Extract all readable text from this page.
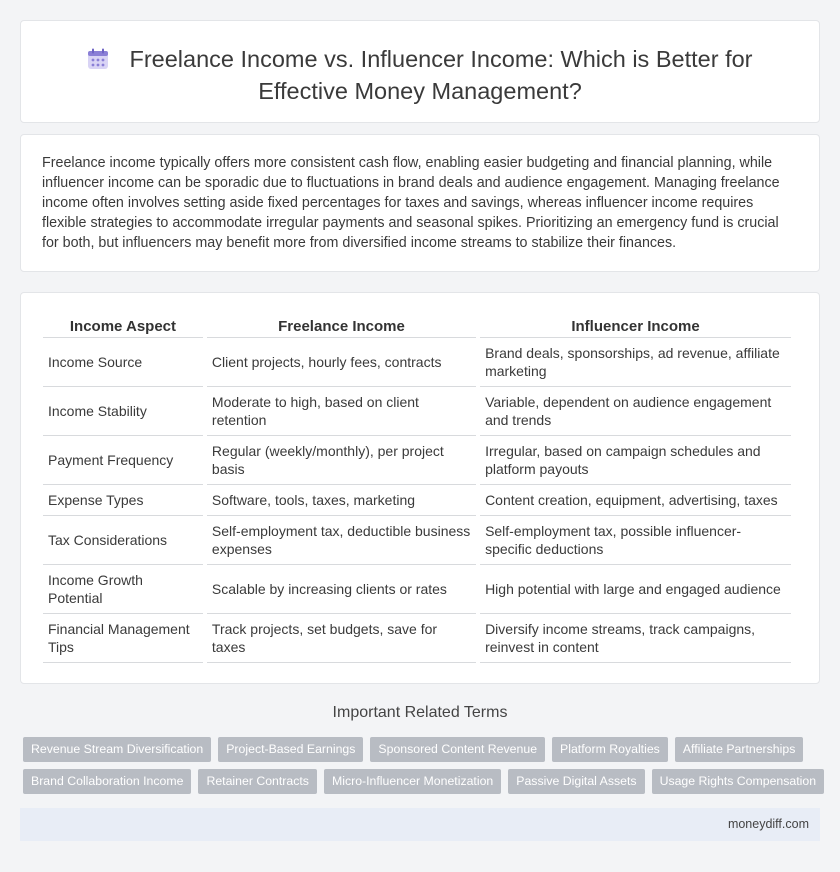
Freelance Income vs. Influencer Income: Which is Better for
Effective Money Management?

Freelance income typically offers more consistent cash flow, enabling easier budgeting and financial planning, while influencer income can be sporadic due to fluctuations in brand deals and audience engagement. Managing freelance income often involves setting aside fixed percentages for taxes and savings, whereas influencer income requires flexible strategies to accommodate irregular payments and seasonal spikes. Prioritizing an emergency fund is crucial for both, but influencers may benefit more from diversified income streams to stabilize their finances.

Income Aspect	Freelance Income	Influencer Income
Income Source	Client projects, hourly fees, contracts	Brand deals, sponsorships, ad revenue, affiliate marketing
Income Stability	Moderate to high, based on client retention	Variable, dependent on audience engagement and trends
Payment Frequency	Regular (weekly/monthly), per project basis	Irregular, based on campaign schedules and platform payouts
Expense Types	Software, tools, taxes, marketing	Content creation, equipment, advertising, taxes
Tax Considerations	Self-employment tax, deductible business expenses	Self-employment tax, possible influencer-specific deductions
Income Growth Potential	Scalable by increasing clients or rates	High potential with large and engaged audience
Financial Management Tips	Track projects, set budgets, save for taxes	Diversify income streams, track campaigns, reinvest in content
Important Related Terms
Revenue Stream Diversification	Project-Based Earnings	Sponsored Content Revenue	Platform Royalties	Affiliate Partnerships
Brand Collaboration Income	Retainer Contracts	Micro-Influencer Monetization	Passive Digital Assets	Usage Rights Compensation
moneydiff.com
